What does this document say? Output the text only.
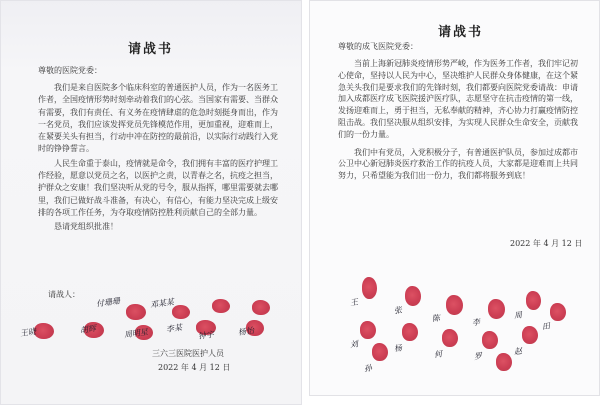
请战书
尊敬的医院党委：

我们是来自医院多个临床科室的普通医护人员，作为一名医务工作者，全国疫情形势时刻牵动着我们的心弦。当国家有需要、当群众有需要，我们有责任、有义务在疫情肆虐的危急时刻挺身而出，作为一名党员，我们应该发挥党员先锋模范作用，更加重视，迎难而上，在紧要关头有担当，行动中冲在防控的最前沿，以实际行动践行入党时的铮铮誓言。

人民生命重于泰山，疫情就是命令，我们拥有丰富的医疗护理工作经验，愿意以党员之名，以医护之责，以青春之名，抗疫之担当，护群众之安康！我们坚决听从党的号令，服从指挥，哪里需要就去哪里，我们已做好战斗准备，有决心，有信心，有能力坚决完成上级安排的各项工作任务，为夺取疫情防控胜利贡献自己的全部力量。

恳请党组织批准！

请战人：
付珊珊	邓某某
王晓	胡辉	周明星 李某
钟宇	杨怡
三六三医院医护人员
2022 年 4 月 12 日
请战书
尊敬的成飞医院党委：

当前上海新冠肺炎疫情形势严峻，作为医务工作者，我们牢记初心使命，坚持以人民为中心，坚决维护人民群众身体健康，在这个紧急关头我们是要求我们的先锋时刻，我们都要向医院党委请战：申请加入成都医疗成飞医院援沪医疗队，志愿坚守在抗击疫情的第一线，发扬迎难而上，勇于担当，无私奉献的精神，齐心协力打赢疫情防控阻击战。我们坚决服从组织安排，为实现人民群众生命安全，贡献我们的一份力量。

我们中有党员，入党积极分子，有普通医护队员，参加过成都市公卫中心新冠肺炎医疗救治工作的抗疫人员，大家都是迎难而上共同努力，只希望能为我们出一份力，我们都将服务到底！

2022 年 4 月 12 日
王
张
陈	李
周
田
刘	杨
何	罗	赵
孙
